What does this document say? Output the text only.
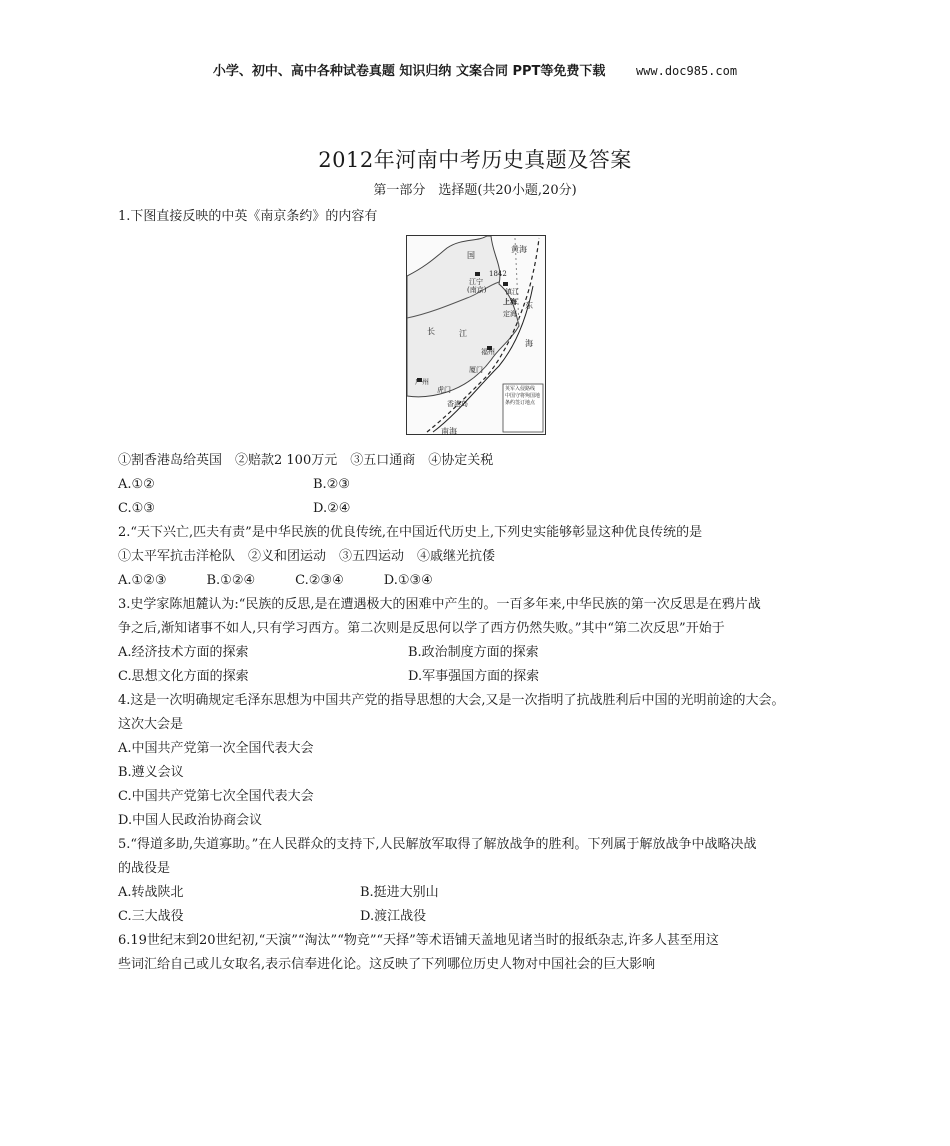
小学、初中、高中各种试卷真题 知识归纳 文案合同 PPT等免费下载	www.doc985.com
2012年河南中考历史真题及答案
第一部分　选择题(共20小题,20分)
1.下图直接反映的中英《南京条约》的内容有
黄海
国
1842
江宁
(南京)	镇江
上海 东
定海
长	江
海
福州
厦门
广州
虎门
香港岛
南海
英军入侵路线 中国守将殉国地 条约签订地点
①割香港岛给英国　②赔款2 100万元　③五口通商　④协定关税
A.①②	B.②③
C.①③	D.②④
2.“天下兴亡,匹夫有责”是中华民族的优良传统,在中国近代历史上,下列史实能够彰显这种优良传统的是
①太平军抗击洋枪队　②义和团运动　③五四运动　④戚继光抗倭
A.①②③	B.①②④	C.②③④	D.①③④
3.史学家陈旭麓认为:“民族的反思,是在遭遇极大的困难中产生的。一百多年来,中华民族的第一次反思是在鸦片战
争之后,渐知诸事不如人,只有学习西方。第二次则是反思何以学了西方仍然失败。”其中“第二次反思”开始于
A.经济技术方面的探索	B.政治制度方面的探索
C.思想文化方面的探索	D.军事强国方面的探索
4.这是一次明确规定毛泽东思想为中国共产党的指导思想的大会,又是一次指明了抗战胜利后中国的光明前途的大会。
这次大会是
A.中国共产党第一次全国代表大会
B.遵义会议
C.中国共产党第七次全国代表大会
D.中国人民政治协商会议
5.“得道多助,失道寡助。”在人民群众的支持下,人民解放军取得了解放战争的胜利。下列属于解放战争中战略决战
的战役是
A.转战陕北	B.挺进大别山
C.三大战役	D.渡江战役
6.19世纪末到20世纪初,“天演”“淘汰”“物竞”“天择”等术语铺天盖地见诸当时的报纸杂志,许多人甚至用这
些词汇给自己或儿女取名,表示信奉进化论。这反映了下列哪位历史人物对中国社会的巨大影响
